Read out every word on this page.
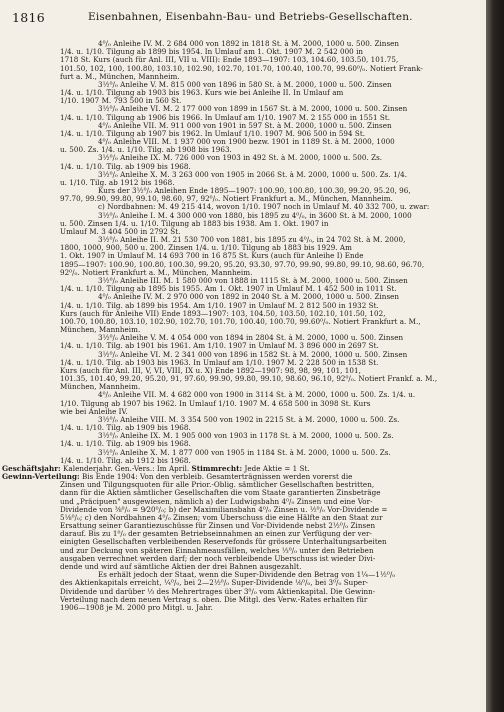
1816	Eisenbahnen, Eisenbahn-Bau- und Betriebs-Gesellschaften.
4⁰/₀ Anleihe IV. M. 2 684 000 von 1892 in 1818 St. à M. 2000, 1000 u. 500. Zinsen
1/4. u. 1/10. Tilgung ab 1899 bis 1954. In Umlauf am 1. Okt. 1907 M. 2 542 000 in
1718 St. Kurs (auch für Anl. III, VII u. VIII): Ende 1893—1907: 103, 104.60, 103.50, 101.75,
101.50, 102, 100, 100.80, 103.10, 102.90, 102.70, 101.70, 100.40, 100.70, 99.60⁰/₀. Notiert Frank-
furt a. M., München, Mannheim.
3½⁰/₀ Anleihe V. M. 815 000 von 1896 in 580 St. à M. 2000, 1000 u. 500. Zinsen
1/4. u. 1/10. Tilgung ab 1903 bis 1963. Kurs wie bei Anleihe II. In Umlauf am
1/10. 1907 M. 793 500 in 560 St.
3½⁰/₀ Anleihe VI. M. 2 177 000 von 1899 in 1567 St. à M. 2000, 1000 u. 500. Zinsen
1/4. u. 1/10. Tilgung ab 1906 bis 1966. In Umlauf am 1/10. 1907 M. 2 155 000 in 1551 St.
4⁰/₀ Anleihe VII. M. 911 000 von 1901 in 597 St. à M. 2000, 1000 u. 500. Zinsen
1/4. u. 1/10. Tilgung ab 1907 bis 1962. In Umlauf 1/10. 1907 M. 906 500 in 594 St.
4⁰/₀ Anleihe VIII. M. 1 937 000 von 1900 bezw. 1901 in 1189 St. à M. 2000, 1000
u. 500. Zs. 1/4. u. 1/10. Tilg. ab 1908 bis 1963.
3½⁰/₀ Anleihe IX. M. 726 000 von 1903 in 492 St. à M. 2000, 1000 u. 500. Zs.
1/4. u. 1/10. Tilg. ab 1909 bis 1968.
3½⁰/₀ Anleihe X. M. 3 263 000 von 1905 in 2066 St. à M. 2000, 1000 u. 500. Zs. 1/4.
u. 1/10. Tilg. ab 1912 bis 1968.
Kurs der 3½⁰/₀ Anleihen Ende 1895—1907: 100.90, 100.80, 100.30, 99.20, 95.20, 96,
97.70, 99.90, 99.80, 99.10, 98.60, 97, 92⁰/₀. Notiert Frankfurt a. M., München, Mannheim.
c) Nordbahnen: M. 49 215 414, wovon 1/10. 1907 noch in Umlauf M. 40 332 700, u. zwar:
3½⁰/₀ Anleihe I. M. 4 300 000 von 1880, bis 1895 zu 4⁰/₀, in 3600 St. à M. 2000, 1000
u. 500. Zinsen 1/4. u. 1/10. Tilgung ab 1883 bis 1938. Am 1. Okt. 1907 in
Umlauf M. 3 404 500 in 2792 St.
3½⁰/₀ Anleihe II. M. 21 530 700 von 1881, bis 1895 zu 4⁰/₀, in 24 702 St. à M. 2000,
1800, 1000, 900, 500 u. 200. Zinsen 1/4. u. 1/10. Tilgung ab 1883 bis 1929. Am
1. Okt. 1907 in Umlauf M. 14 693 700 in 16 875 St. Kurs (auch für Anleihe I) Ende
1895—1907: 100.90, 100.80, 100.30, 99.20, 95.20, 93.30, 97.70, 99.90, 99.80, 99.10, 98.60, 96.70,
92⁰/₀. Notiert Frankfurt a. M., München, Mannheim.
3½⁰/₀ Anleihe III. M. 1 580 000 von 1888 in 1115 St. à M. 2000, 1000 u. 500. Zinsen
1/4. u. 1/10. Tilgung ab 1895 bis 1955. Am 1. Okt. 1907 in Umlauf M. 1 452 500 in 1011 St.
4⁰/₀ Anleihe IV. M. 2 970 000 von 1892 in 2040 St. à M. 2000, 1000 u. 500. Zinsen
1/4. u. 1/10. Tilg. ab 1899 bis 1954. Am 1/10. 1907 in Umlauf M. 2 812 500 in 1932 St.
Kurs (auch für Anleihe VII) Ende 1893—1907: 103, 104.50, 103.50, 102.10, 101.50, 102,
100.70, 100.80, 103.10, 102.90, 102.70, 101.70, 100.40, 100.70, 99.60⁰/₀. Notiert Frankfurt a. M.,
München, Mannheim.
3½⁰/₀ Anleihe V. M. 4 054 000 von 1894 in 2804 St. à M. 2000, 1000 u. 500. Zinsen
1/4. u. 1/10. Tilg. ab 1901 bis 1961. Am 1/10. 1907 in Umlauf M. 3 896 000 in 2697 St.
3½⁰/₀ Anleihe VI. M. 2 341 000 von 1896 in 1582 St. à M. 2000, 1000 u. 500. Zinsen
1/4. u. 1/10. Tilg. ab 1903 bis 1963. In Umlauf am 1/10. 1907 M. 2 228 500 in 1538 St.
Kurs (auch für Anl. III, V, VI, VIII, IX u. X) Ende 1892—1907: 98, 98, 99, 101, 101,
101.35, 101.40, 99.20, 95.20, 91, 97.60, 99.90, 99.80, 99.10, 98.60, 96.10, 92⁰/₀. Notiert Frankf. a. M.,
München, Mannheim.
4⁰/₀ Anleihe VII. M. 4 682 000 von 1900 in 3114 St. à M. 2000, 1000 u. 500. Zs. 1/4. u.
1/10. Tilgung ab 1907 bis 1962. In Umlauf 1/10. 1907 M. 4 658 500 in 3098 St. Kurs
wie bei Anleihe IV.
3½⁰/₀ Anleihe VIII. M. 3 354 500 von 1902 in 2215 St. à M. 2000, 1000 u. 500. Zs.
1/4. u. 1/10. Tilg. ab 1909 bis 1968.
3½⁰/₀ Anleihe IX. M. 1 905 000 von 1903 in 1178 St. à M. 2000, 1000 u. 500. Zs.
1/4. u. 1/10. Tilg. ab 1909 bis 1968.
3½⁰/₀ Anleihe X. M. 1 877 000 von 1905 in 1184 St. à M. 2000, 1000 u. 500. Zs.
1/4. u. 1/10. Tilg. ab 1912 bis 1968.
Geschäftsjahr: Kalenderjahr. Gen.-Vers.: Im April. Stimmrecht: Jede Aktie = 1 St.
Gewinn-Verteilung: Bis Ende 1904: Von den verbleib. Gesamterträgnissen werden vorerst die
Zinsen und Tilgungsquoten für alle Prior.-Oblig. sämtlicher Gesellschaften bestritten,
dann für die Aktien sämtlicher Gesellschaften die vom Staate garantierten Zinsbeträge
und „Präcipuen" ausgewiesen, nämlich a) der Ludwigsbahn 4⁰/₀ Zinsen und eine Vor-
Dividende von ⅜⁰/₀ = 9⁄20⁰/₀; b) der Maximiliansbahn 4⁰/₀ Zinsen u. ½⁰/₀ Vor-Dividende =
5⅛⁰/₀; c) den Nordbahnen 4⁰/₀ Zinsen; vom Überschuss die eine Hälfte an den Staat zur
Ersattung seiner Garantiezuschüsse für Zinsen und Vor-Dividende nebst 2½⁰/₀ Zinsen
darauf. Bis zu 1⁰/₀ der gesamten Betriebseinnahmen an einen zur Verfügung der ver-
einigten Gesellschaften verbleibenden Reservefonds für grössere Unterhaltungsarbeiten
und zur Deckung von späteren Einnahmeausfällen, welches ⅓⁰/₀ unter den Betrieben
ausgaben verrechnet werden darf; der noch verbleibende Überschuss ist wieder Divi-
dende und wird auf sämtliche Aktien der drei Bahnen ausgezahlt.
Es erhält jedoch der Staat, wenn die Super-Dividende den Betrag von 1¼—1½⁰/₀
des Aktienkapitals erreicht, ¼⁰/₀, bei 2—2½⁰/₀ Super-Dividende ⅛⁰/₀, bei 3⁰/₀ Super-
Dividende und darüber ⅓ des Mehrertrages über 3⁰/₀ vom Aktienkapital. Die Gewinn-
Verteilung nach dem neuen Vertrag s. oben. Die Mitgl. des Verw.-Rates erhalten für
1906—1908 je M. 2000 pro Mitgl. u. Jahr.
